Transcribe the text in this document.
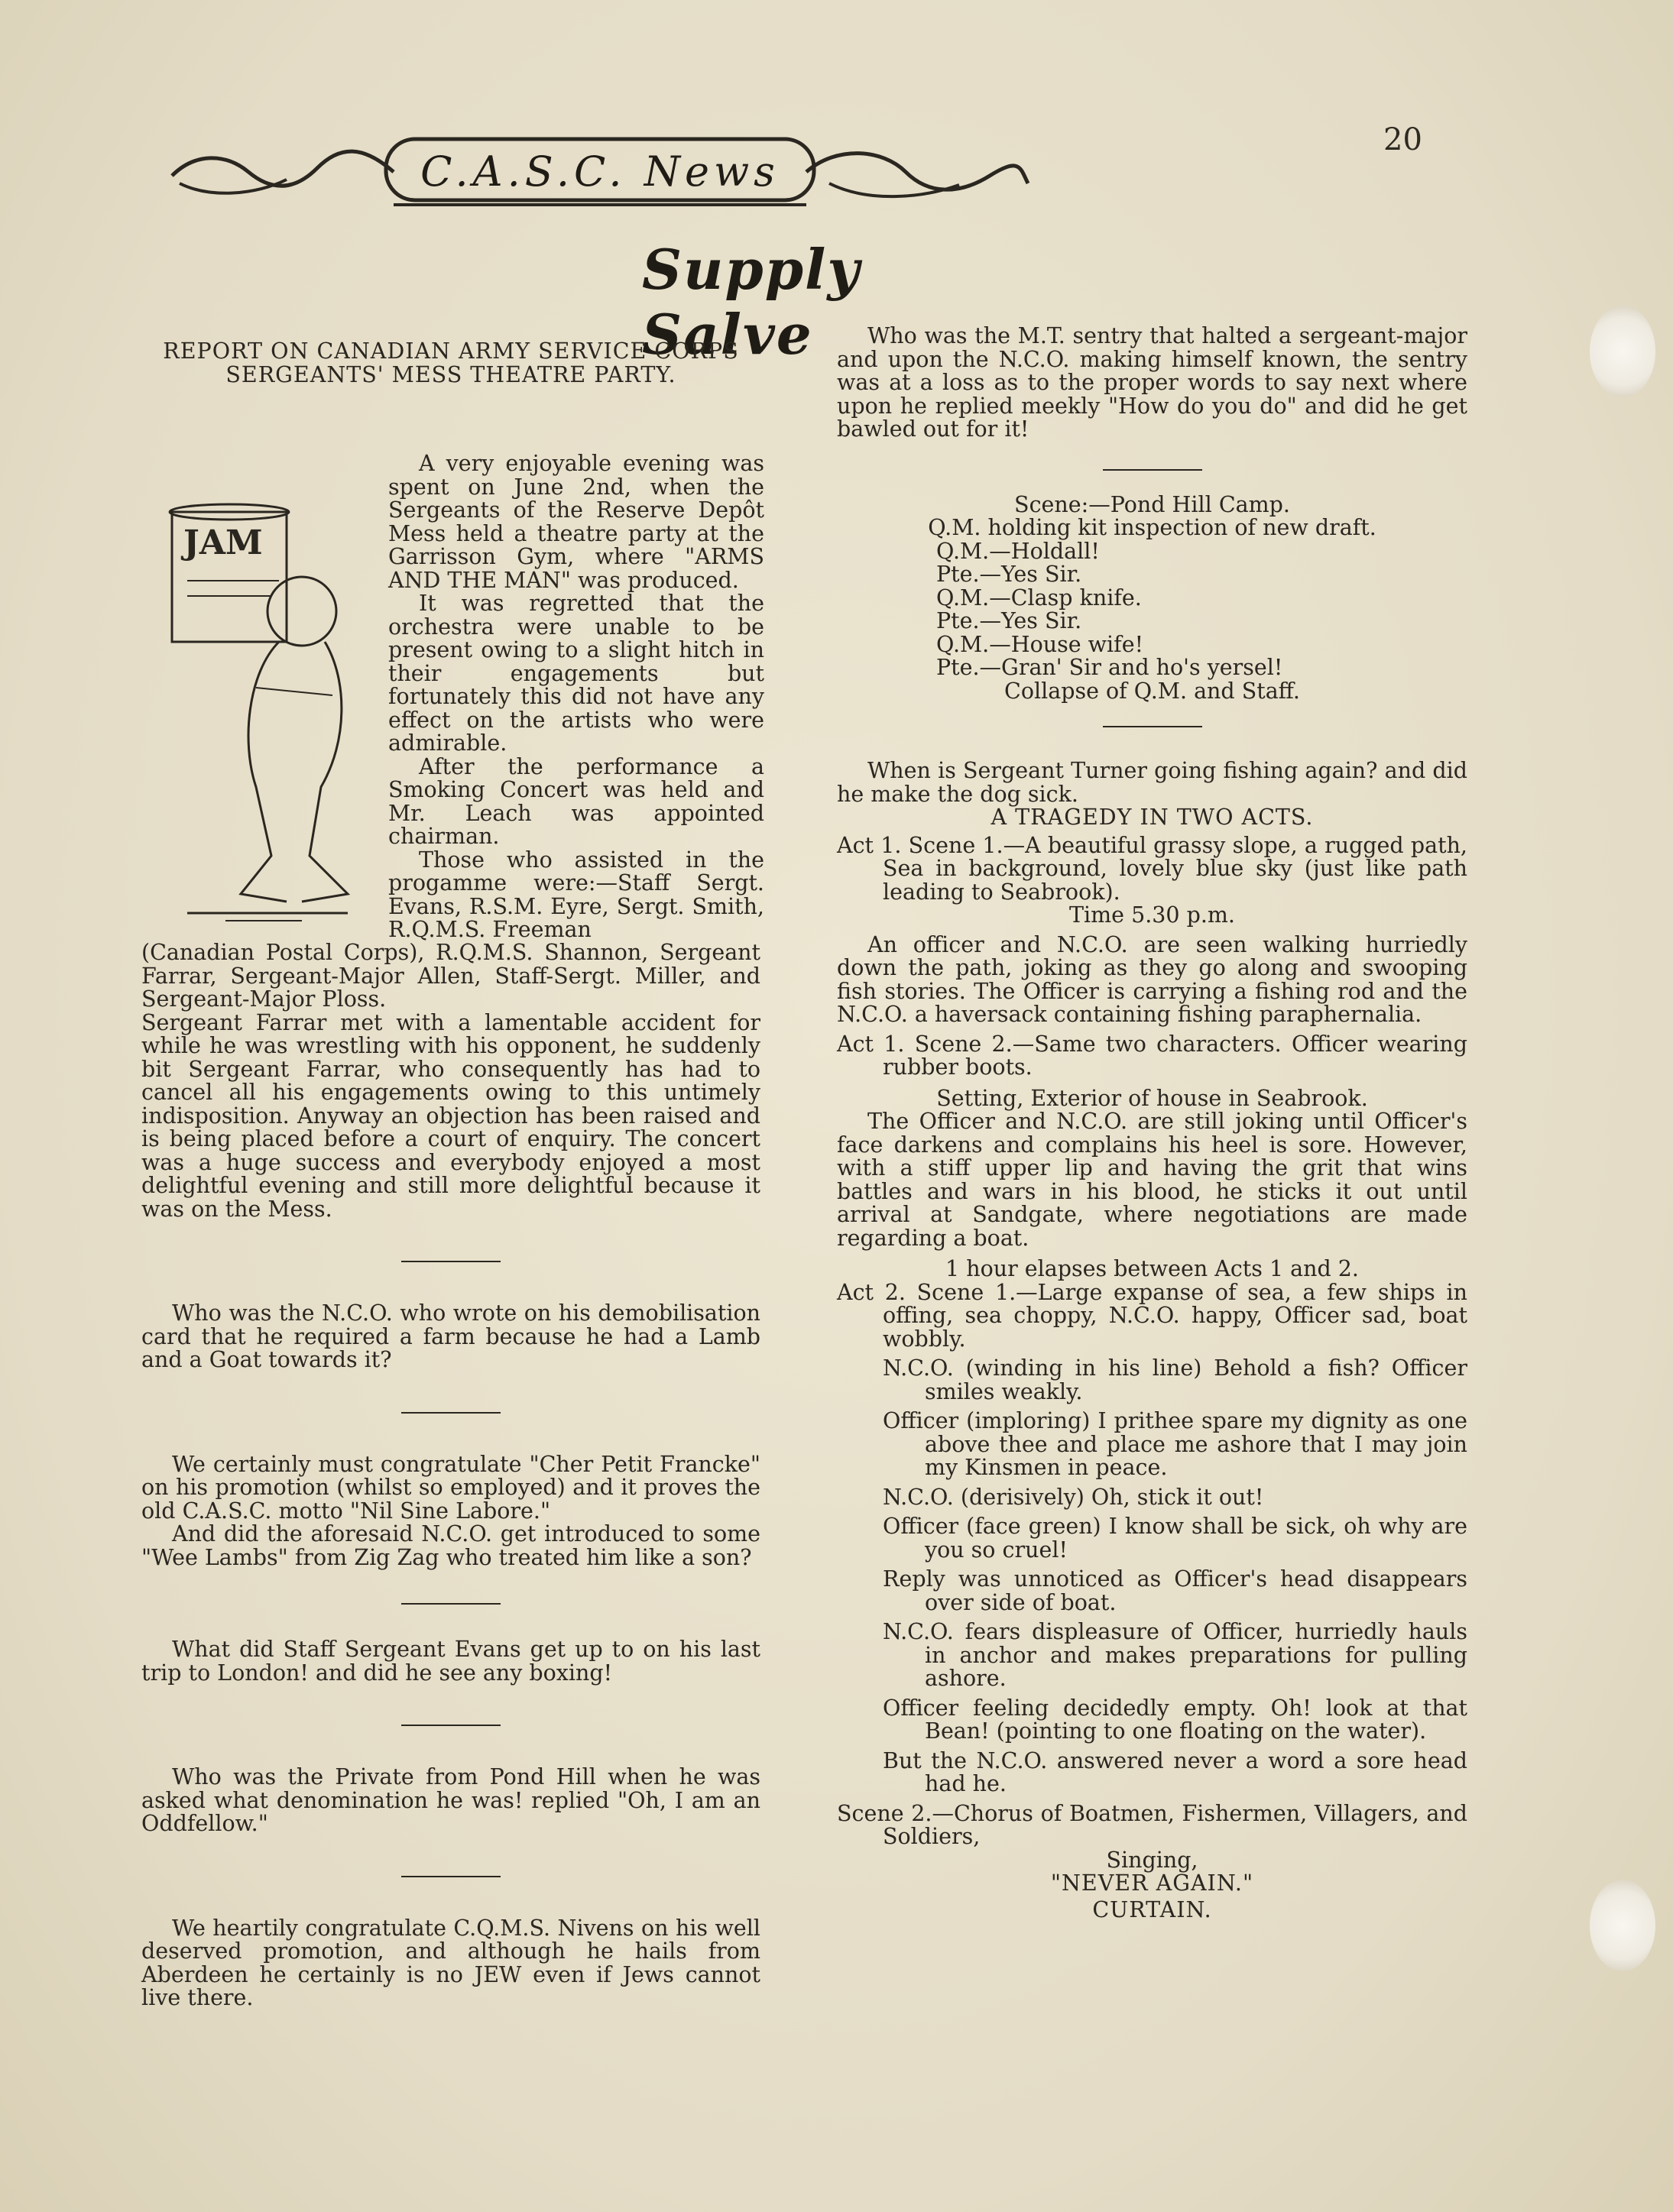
C.A.S.C. News
20
Supply Salve

REPORT ON CANADIAN ARMY SERVICE CORPS SERGEANTS' MESS THEATRE PARTY.

JAM

A very enjoyable evening was spent on June 2nd, when the Sergeants of the Reserve Depôt Mess held a theatre party at the Garrisson Gym, where "ARMS AND THE MAN" was produced.

It was regretted that the orchestra were unable to be present owing to a slight hitch in their engagements but fortunately this did not have any effect on the artists who were admirable.

After the performance a Smoking Concert was held and Mr. Leach was appointed chairman.

Those who assisted in the progamme were:—Staff Sergt. Evans, R.S.M. Eyre, Sergt. Smith, R.Q.M.S. Freeman

(Canadian Postal Corps), R.Q.M.S. Shannon, Sergeant Farrar, Sergeant-Major Allen, Staff-Sergt. Miller, and Sergeant-Major Ploss.

Sergeant Farrar met with a lamentable accident for while he was wrestling with his opponent, he suddenly bit Sergeant Farrar, who consequently has had to cancel all his engagements owing to this untimely indisposition. Anyway an objection has been raised and is being placed before a court of enquiry. The concert was a huge success and everybody enjoyed a most delightful evening and still more delightful because it was on the Mess.

Who was the N.C.O. who wrote on his demobilisation card that he required a farm because he had a Lamb and a Goat towards it?

We certainly must congratulate "Cher Petit Francke" on his promotion (whilst so employed) and it proves the old C.A.S.C. motto "Nil Sine Labore."

And did the aforesaid N.C.O. get introduced to some "Wee Lambs" from Zig Zag who treated him like a son?

What did Staff Sergeant Evans get up to on his last trip to London! and did he see any boxing!

Who was the Private from Pond Hill when he was asked what denomination he was! replied "Oh, I am an Oddfellow."

We heartily congratulate C.Q.M.S. Nivens on his well deserved promotion, and although he hails from Aberdeen he certainly is no JEW even if Jews cannot live there.

Who was the M.T. sentry that halted a sergeant-major and upon the N.C.O. making himself known, the sentry was at a loss as to the proper words to say next where upon he replied meekly "How do you do" and did he get bawled out for it!

Scene:—Pond Hill Camp.

Q.M. holding kit inspection of new draft.

Q.M.—Holdall!

Pte.—Yes Sir.

Q.M.—Clasp knife.

Pte.—Yes Sir.

Q.M.—House wife!

Pte.—Gran' Sir and ho's yersel!

Collapse of Q.M. and Staff.

When is Sergeant Turner going fishing again? and did he make the dog sick.

A TRAGEDY IN TWO ACTS.

Act 1. Scene 1.—A beautiful grassy slope, a rugged path, Sea in background, lovely blue sky (just like path leading to Seabrook).

Time 5.30 p.m.

An officer and N.C.O. are seen walking hurriedly down the path, joking as they go along and swooping fish stories. The Officer is carrying a fishing rod and the N.C.O. a haversack containing fishing paraphernalia.

Act 1. Scene 2.—Same two characters. Officer wearing rubber boots.

Setting, Exterior of house in Seabrook.

The Officer and N.C.O. are still joking until Officer's face darkens and complains his heel is sore. However, with a stiff upper lip and having the grit that wins battles and wars in his blood, he sticks it out until arrival at Sandgate, where negotiations are made regarding a boat.

1 hour elapses between Acts 1 and 2.

Act 2. Scene 1.—Large expanse of sea, a few ships in offing, sea choppy, N.C.O. happy, Officer sad, boat wobbly.

N.C.O. (winding in his line) Behold a fish? Officer smiles weakly.

Officer (imploring) I prithee spare my dignity as one above thee and place me ashore that I may join my Kinsmen in peace.

N.C.O. (derisively) Oh, stick it out!

Officer (face green) I know shall be sick, oh why are you so cruel!

Reply was unnoticed as Officer's head disappears over side of boat.

N.C.O. fears displeasure of Officer, hurriedly hauls in anchor and makes preparations for pulling ashore.

Officer feeling decidedly empty. Oh! look at that Bean! (pointing to one floating on the water).

But the N.C.O. answered never a word a sore head had he.

Scene 2.—Chorus of Boatmen, Fishermen, Villagers, and Soldiers,

Singing,

"NEVER AGAIN."

CURTAIN.
